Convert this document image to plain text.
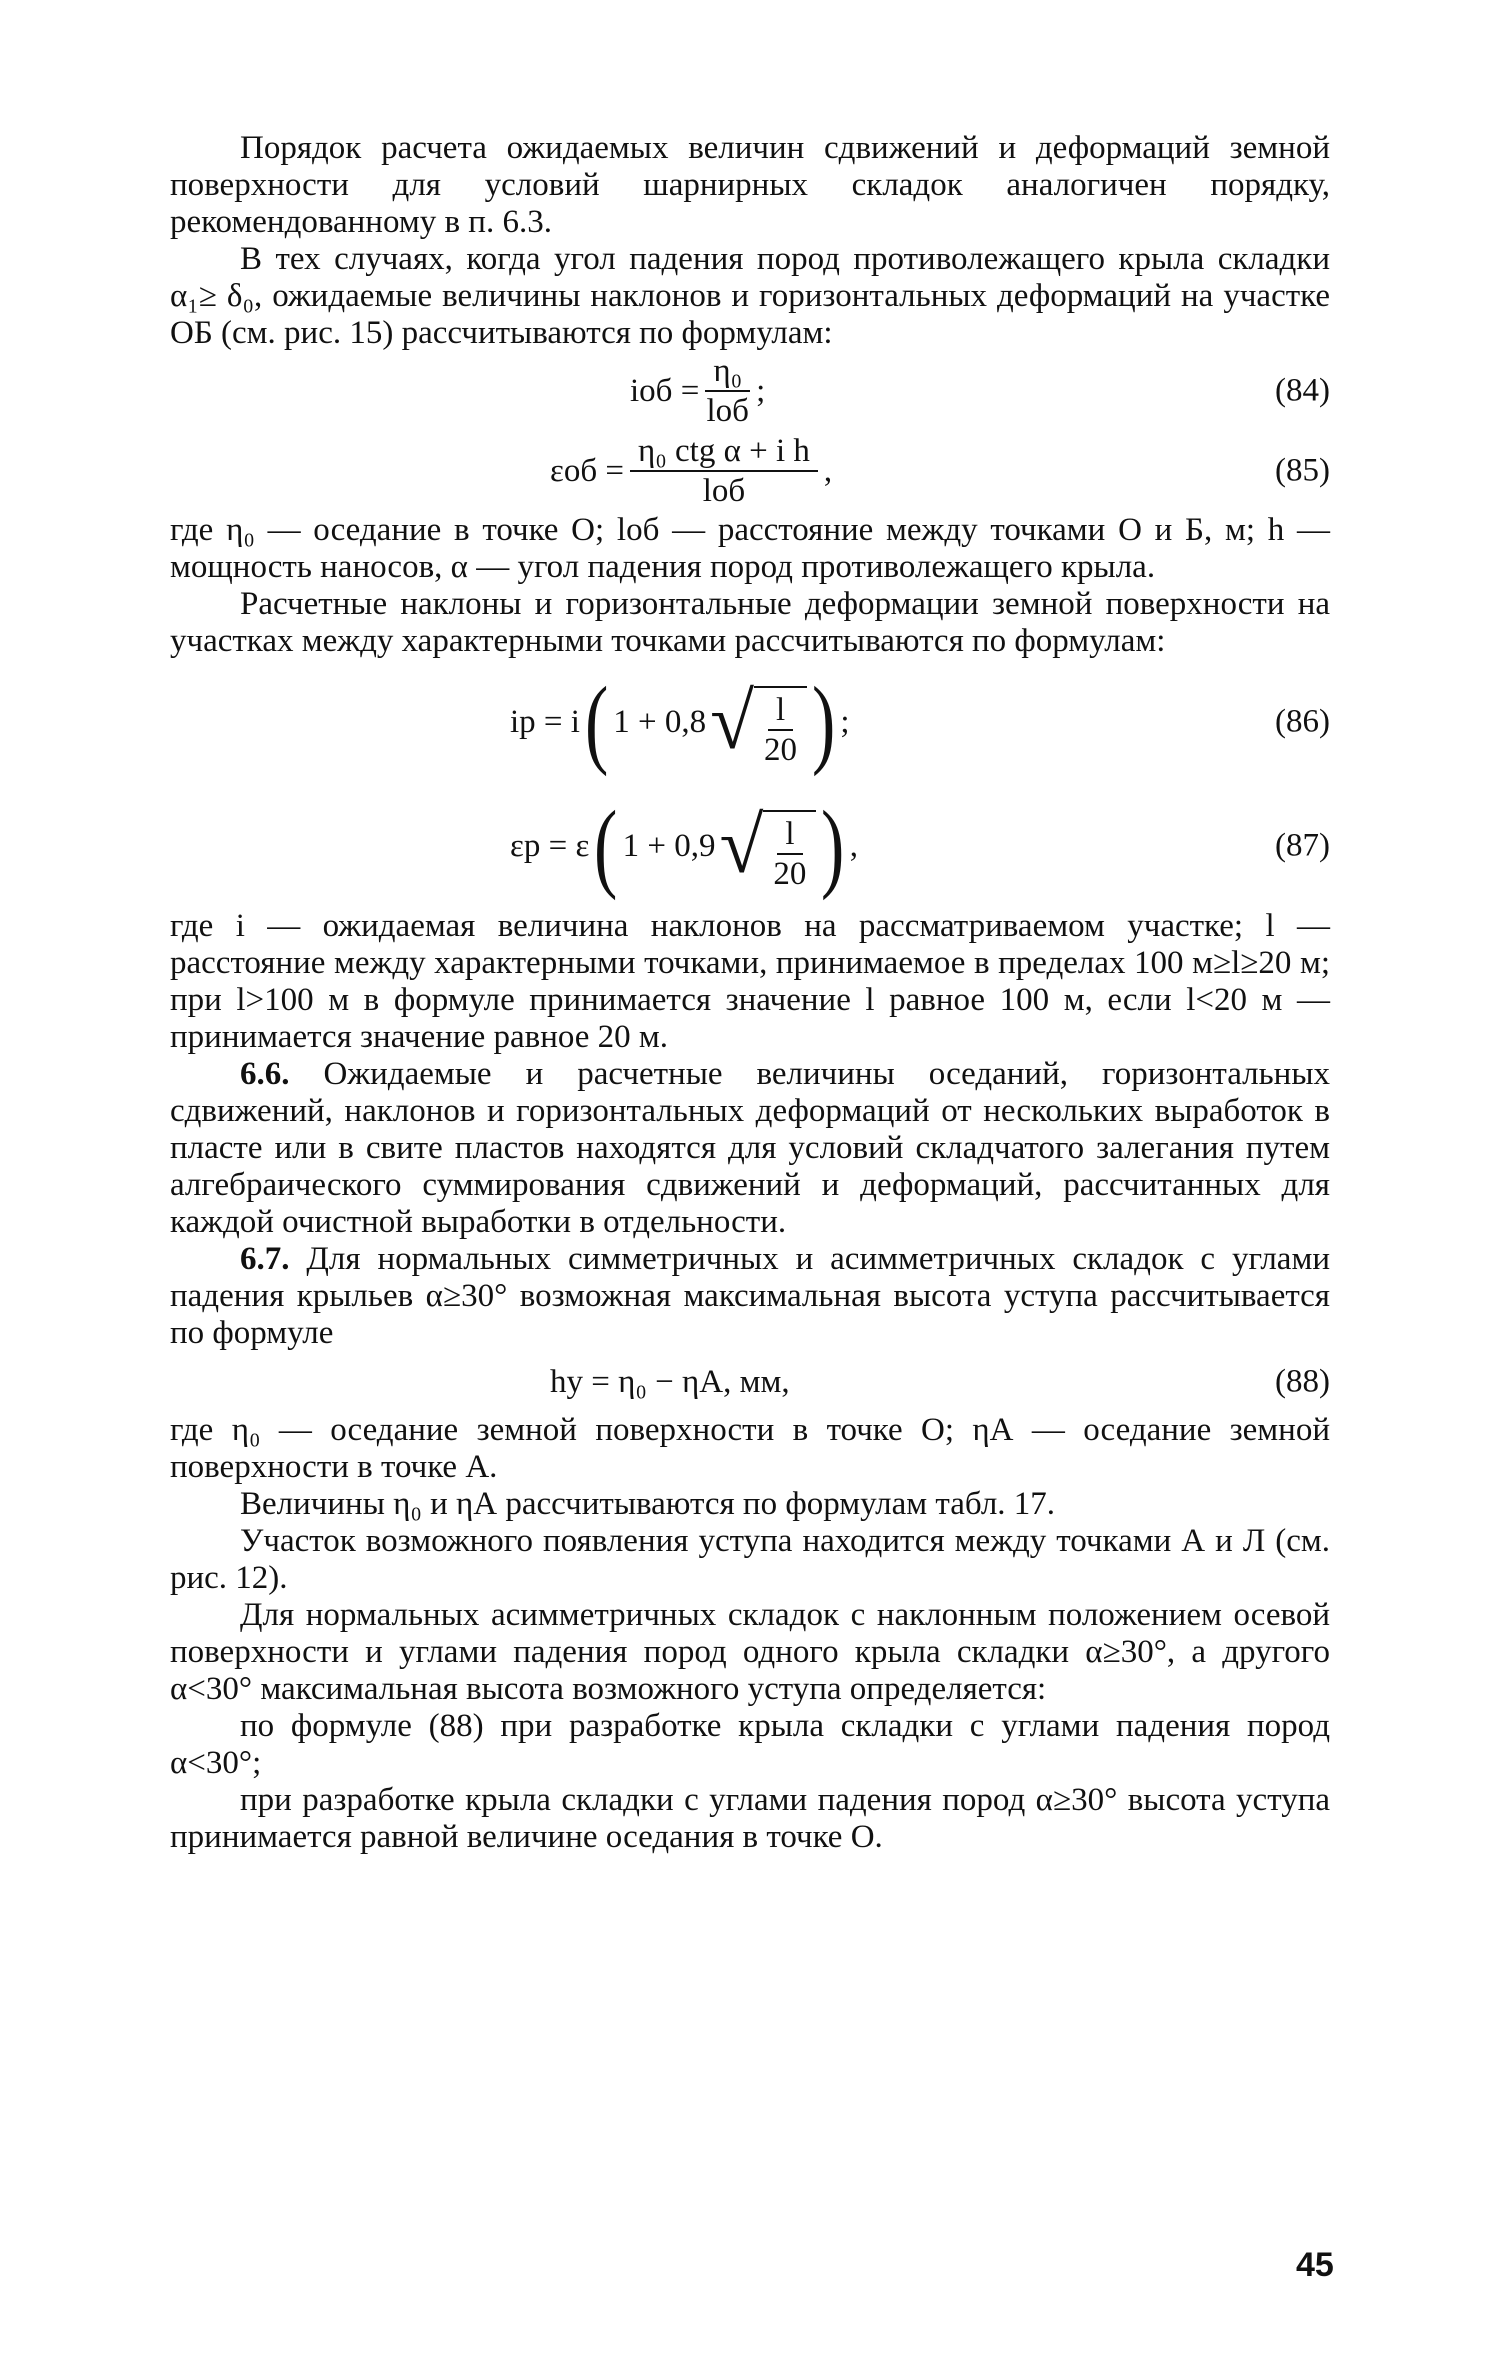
Порядок расчета ожидаемых величин сдвижений и деформаций земной поверхности для условий шарнирных складок аналогичен порядку, рекомендованному в п. 6.3.

В тех случаях, когда угол падения пород противолежащего крыла складки α₁≥ δ₀, ожидаемые величины наклонов и горизонтальных деформаций на участке ОБ (см. рис. 15) рассчитываются по формулам:

iоб = $\frac{\text{η₀}}{\text{lоб}}$ ;	(84)
$\varepsilon об = \frac{\text{η₀ ctg α + i h}}{\text{lоб}}$ ,	(85)

где η₀ — оседание в точке О; lоб — расстояние между точками О и Б, м; h — мощность наносов, α — угол падения пород противолежащего крыла.

Расчетные наклоны и горизонтальные деформации земной поверхности на участках между характерными точками рассчитываются по формулам:

iр = i ( 1 + 0,8 √ $\frac{l}{20}$ ) ;	(86)
εр = ε ( 1 + 0,9 √ $\frac{l}{20}$ ) ,	(87)

где i — ожидаемая величина наклонов на рассматриваемом участке; l — расстояние между характерными точками, принимаемое в пределах 100 м≥l≥20 м; при l>100 м в формуле принимается значение l равное 100 м, если l<20 м — принимается значение равное 20 м.

6.6. Ожидаемые и расчетные величины оседаний, горизонтальных сдвижений, наклонов и горизонтальных деформаций от нескольких выработок в пласте или в свите пластов находятся для условий складчатого залегания путем алгебраического суммирования сдвижений и деформаций, рассчитанных для каждой очистной выработки в отдельности.

6.7. Для нормальных симметричных и асимметричных складок с углами падения крыльев α≥30° возможная максимальная высота уступа рассчитывается по формуле

hу = η₀ − ηА, мм,	(88)

где η₀ — оседание земной поверхности в точке О; ηА — оседание земной поверхности в точке А.

Величины η₀ и ηА рассчитываются по формулам табл. 17.

Участок возможного появления уступа находится между точками А и Л (см. рис. 12).

Для нормальных асимметричных складок с наклонным положением осевой поверхности и углами падения пород одного крыла складки α≥30°, а другого α<30° максимальная высота возможного уступа определяется:

по формуле (88) при разработке крыла складки с углами падения пород α<30°;

при разработке крыла складки с углами падения пород α≥30° высота уступа принимается равной величине оседания в точке О.

45
